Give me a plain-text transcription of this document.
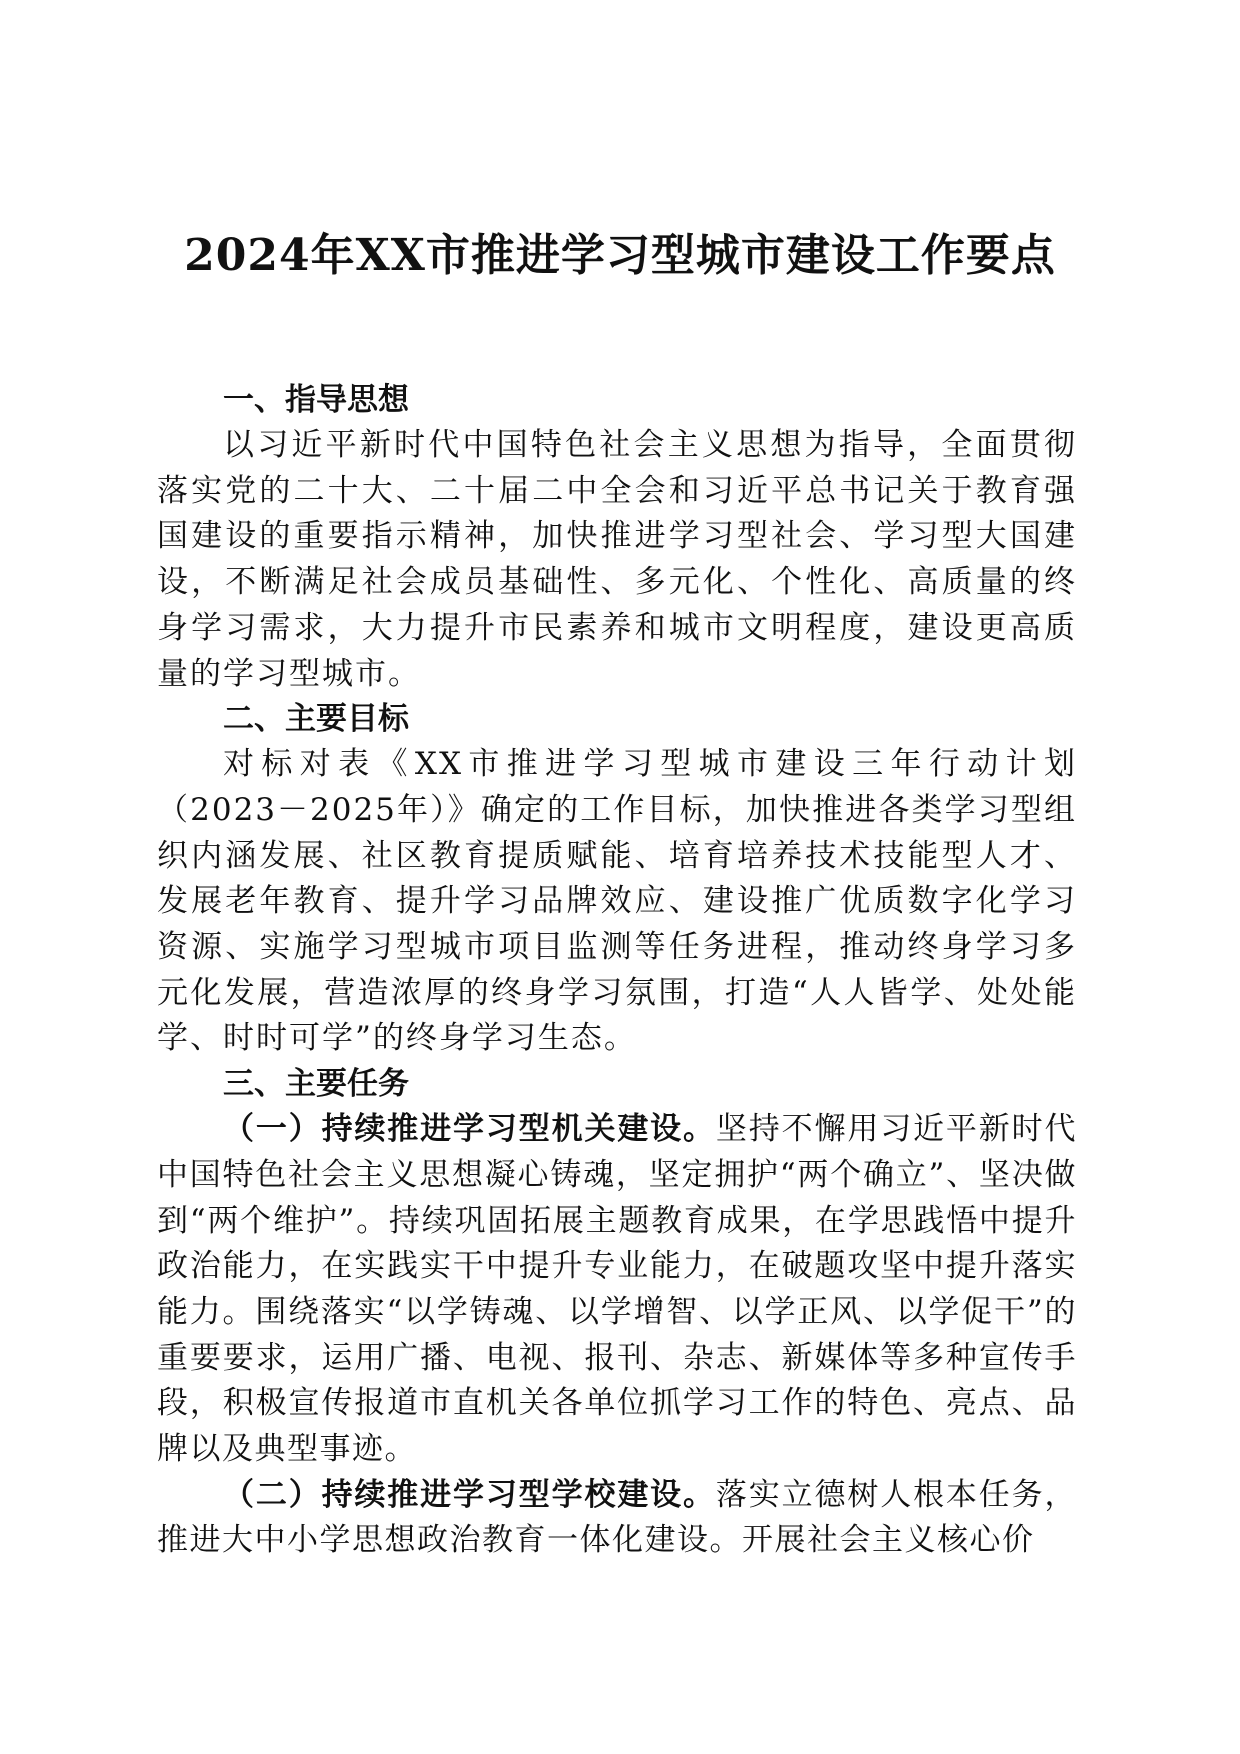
2024年XX市推进学习型城市建设工作要点
一、指导思想

以习近平新时代中国特色社会主义思想为指导，全面贯彻落实党的二十大、二十届二中全会和习近平总书记关于教育强国建设的重要指示精神，加快推进学习型社会、学习型大国建设，不断满足社会成员基础性、多元化、个性化、高质量的终身学习需求，大力提升市民素养和城市文明程度，建设更高质量的学习型城市。

二、主要目标

对标对表《XX市推进学习型城市建设三年行动计划（2023－2025年）》确定的工作目标，加快推进各类学习型组织内涵发展、社区教育提质赋能、培育培养技术技能型人才、发展老年教育、提升学习品牌效应、建设推广优质数字化学习资源、实施学习型城市项目监测等任务进程，推动终身学习多元化发展，营造浓厚的终身学习氛围，打造“人人皆学、处处能学、时时可学”的终身学习生态。

三、主要任务

（一）持续推进学习型机关建设。坚持不懈用习近平新时代中国特色社会主义思想凝心铸魂，坚定拥护“两个确立”、坚决做到“两个维护”。持续巩固拓展主题教育成果，在学思践悟中提升政治能力，在实践实干中提升专业能力，在破题攻坚中提升落实能力。围绕落实“以学铸魂、以学增智、以学正风、以学促干”的重要要求，运用广播、电视、报刊、杂志、新媒体等多种宣传手段，积极宣传报道市直机关各单位抓学习工作的特色、亮点、品牌以及典型事迹。

（二）持续推进学习型学校建设。落实立德树人根本任务，推进大中小学思想政治教育一体化建设。开展社会主义核心价
